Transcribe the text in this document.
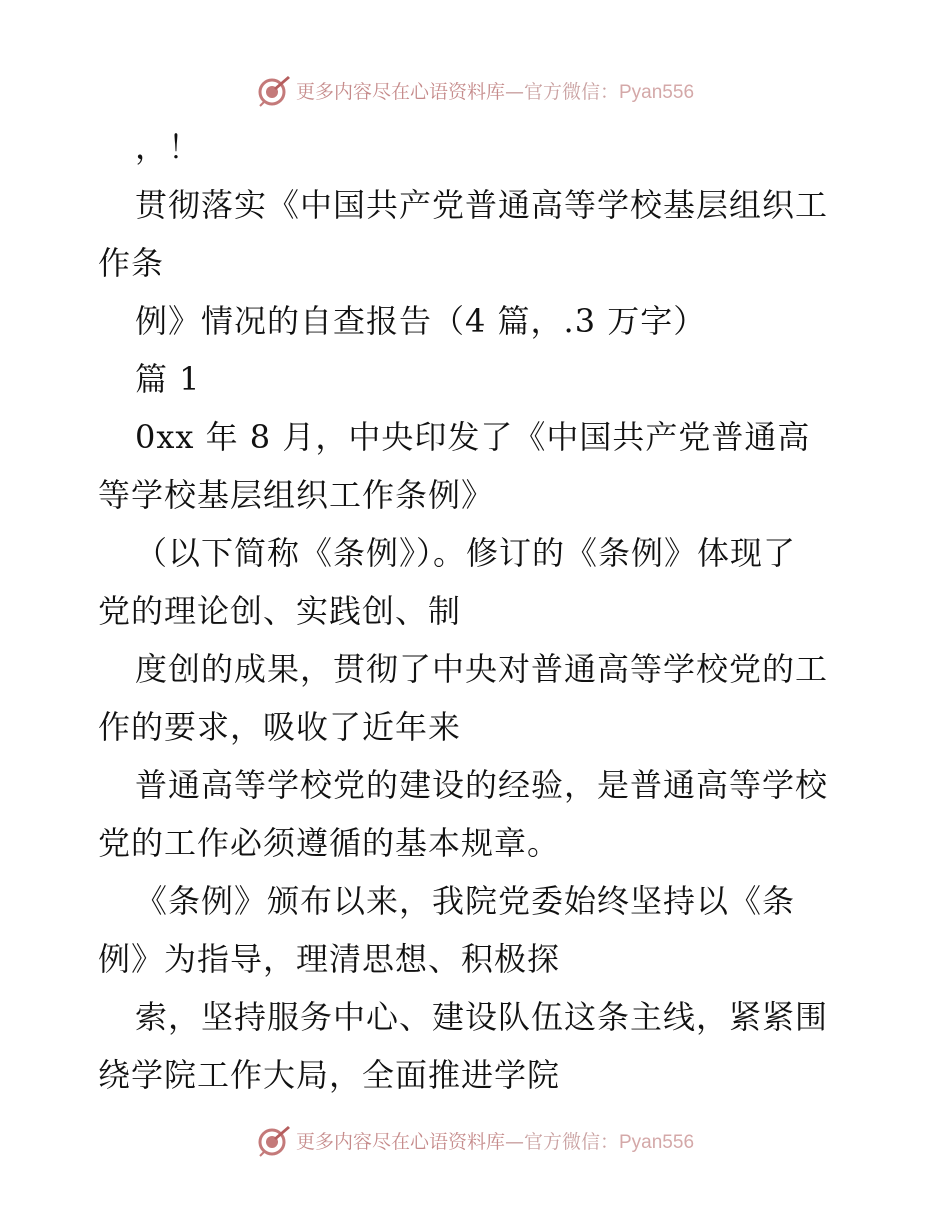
更多内容尽在心语资料库—官方微信：Pyan556
，！
贯彻落实《中国共产党普通高等学校基层组织工
作条
例》情况的自查报告（4 篇，.3 万字）
篇 1
0xx 年 8 月，中央印发了《中国共产党普通高
等学校基层组织工作条例》
（以下简称《条例》）。修订的《条例》体现了
党的理论创、实践创、制
度创的成果，贯彻了中央对普通高等学校党的工
作的要求，吸收了近年来
普通高等学校党的建设的经验，是普通高等学校
党的工作必须遵循的基本规章。
《条例》颁布以来，我院党委始终坚持以《条
例》为指导，理清思想、积极探
索，坚持服务中心、建设队伍这条主线，紧紧围
绕学院工作大局，全面推进学院
更多内容尽在心语资料库—官方微信：Pyan556
